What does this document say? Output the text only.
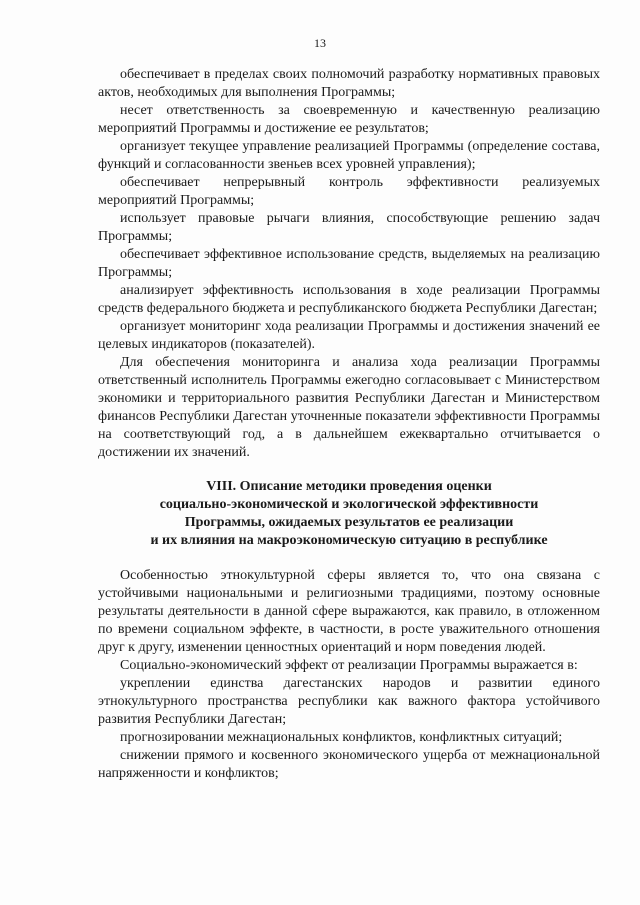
13

обеспечивает в пределах своих полномочий разработку нормативных правовых актов, необходимых для выполнения Программы;

несет ответственность за своевременную и качественную реализацию мероприятий Программы и достижение ее результатов;

организует текущее управление реализацией Программы (определение состава, функций и согласованности звеньев всех уровней управления);

обеспечивает непрерывный контроль эффективности реализуемых мероприятий Программы;

использует правовые рычаги влияния, способствующие решению задач Программы;

обеспечивает эффективное использование средств, выделяемых на реализацию Программы;

анализирует эффективность использования в ходе реализации Программы средств федерального бюджета и республиканского бюджета Республики Дагестан;

организует мониторинг хода реализации Программы и достижения значений ее целевых индикаторов (показателей).

Для обеспечения мониторинга и анализа хода реализации Программы ответственный исполнитель Программы ежегодно согласовывает с Министерством экономики и территориального развития Республики Дагестан и Министерством финансов Республики Дагестан уточненные показатели эффективности Программы на соответствующий год, а в дальнейшем ежеквартально отчитывается о достижении их значений.

VIII. Описание методики проведения оценки
социально-экономической и экологической эффективности
Программы, ожидаемых результатов ее реализации
и их влияния на макроэкономическую ситуацию в республике

Особенностью этнокультурной сферы является то, что она связана с устойчивыми национальными и религиозными традициями, поэтому основные результаты деятельности в данной сфере выражаются, как правило, в отложенном по времени социальном эффекте, в частности, в росте уважительного отношения друг к другу, изменении ценностных ориентаций и норм поведения людей.

Социально-экономический эффект от реализации Программы выражается в:

укреплении единства дагестанских народов и развитии единого этнокультурного пространства республики как важного фактора устойчивого развития Республики Дагестан;

прогнозировании межнациональных конфликтов, конфликтных ситуаций;

снижении прямого и косвенного экономического ущерба от межнациональной напряженности и конфликтов;
